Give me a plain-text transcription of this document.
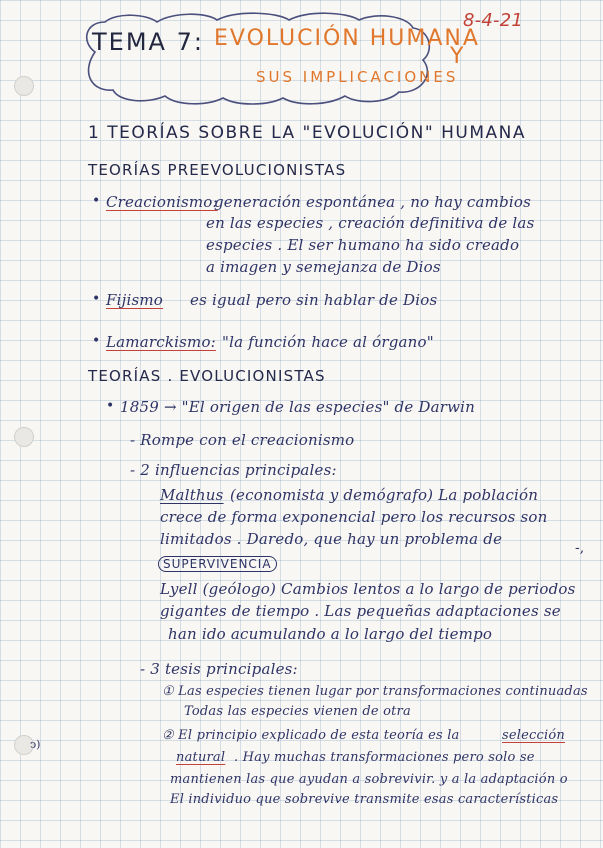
8-4-21
TEMA 7: EVOLUCIÓN HUMANA
Y
SUS IMPLICACIONES
1 TEORÍAS SOBRE LA "EVOLUCIÓN" HUMANA
TEORÍAS PREEVOLUCIONISTAS
• Creacionismo:
generación espontánea , no hay cambios
en las especies , creación definitiva de las
especies . El ser humano ha sido creado
a imagen y semejanza de Dios
• Fijismo es igual pero sin hablar de Dios
• Lamarckismo: "la función hace al órgano"
TEORÍAS . EVOLUCIONISTAS
• 1859 → "El origen de las especies" de Darwin
- Rompe con el creacionismo
- 2 influencias principales:
Malthus (economista y demógrafo) La población
crece de forma exponencial pero los recursos son
limitados . Daredo, que hay un problema de
SUPERVIVENCIA
-,
Lyell (geólogo) Cambios lentos a lo largo de periodos
gigantes de tiempo . Las pequeñas adaptaciones se
han ido acumulando a lo largo del tiempo
- 3 tesis principales:
① Las especies tienen lugar por transformaciones continuadas
Todas las especies vienen de otra
② El principio explicado de esta teoría es la	selección
natural . Hay muchas transformaciones pero solo se
mantienen las que ayudan a sobrevivir. y a la adaptación o
El individuo que sobrevive transmite esas características
ↄ)
